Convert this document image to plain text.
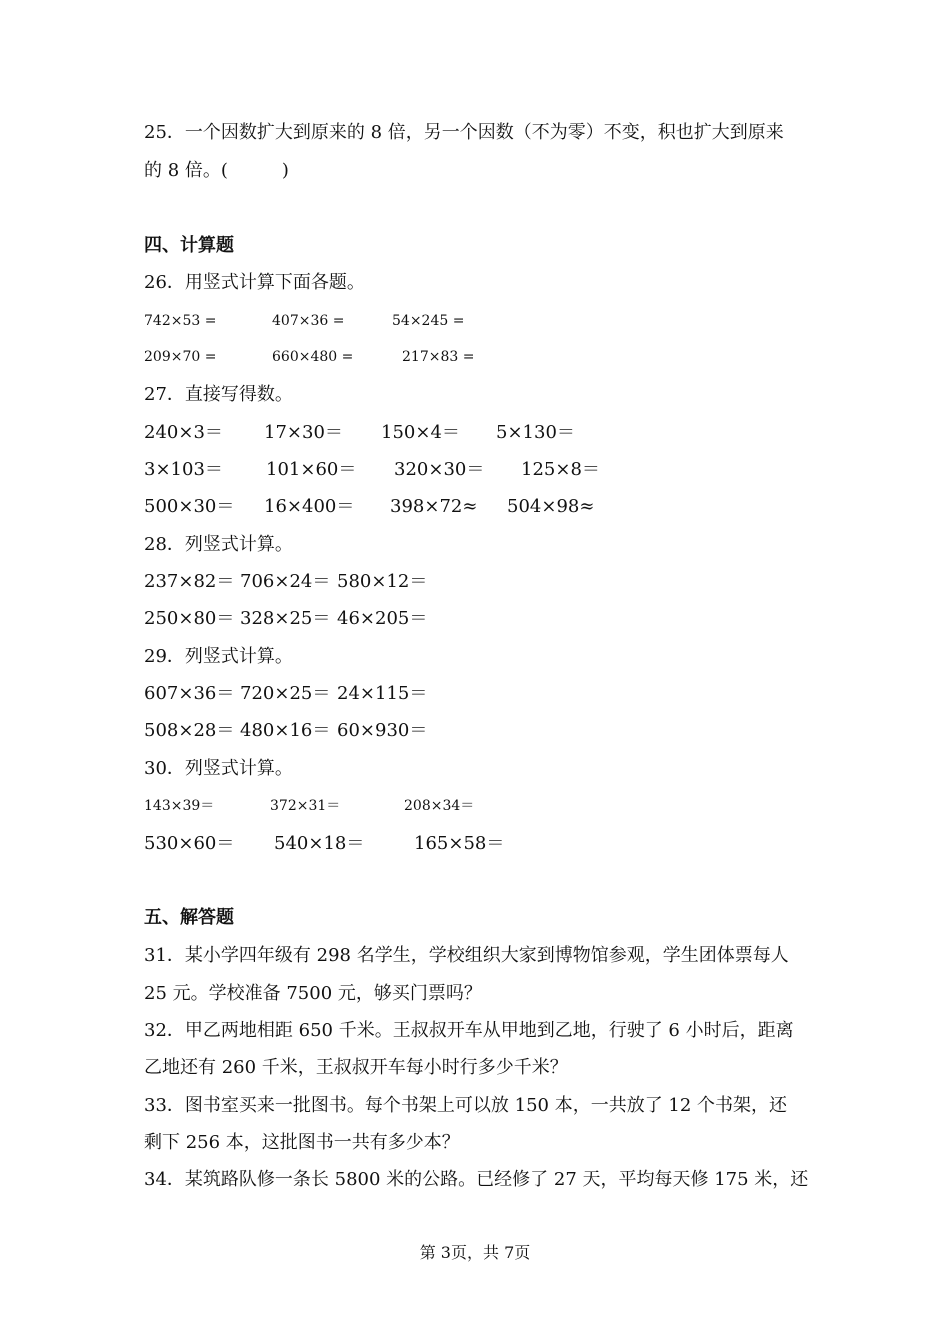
25．一个因数扩大到原来的 8 倍，另一个因数（不为零）不变，积也扩大到原来
的 8 倍。(　　　)
四、计算题
26．用竖式计算下面各题。
742×53 =	407×36 =	54×245 =
209×70 =	660×480 =	217×83 =
27．直接写得数。
240×3＝ 17×30＝ 150×4＝ 5×130＝
3×103＝ 101×60＝ 320×30＝ 125×8＝
500×30＝ 16×400＝ 398×72≈ 504×98≈
28．列竖式计算。
237×82＝ 706×24＝ 580×12＝
250×80＝ 328×25＝ 46×205＝
29．列竖式计算。
607×36＝ 720×25＝ 24×115＝
508×28＝ 480×16＝ 60×930＝
30．列竖式计算。
143×39＝	372×31＝	208×34＝
530×60＝ 540×18＝	165×58＝
五、解答题
31．某小学四年级有 298 名学生，学校组织大家到博物馆参观，学生团体票每人
25 元。学校准备 7500 元，够买门票吗？
32．甲乙两地相距 650 千米。王叔叔开车从甲地到乙地，行驶了 6 小时后，距离
乙地还有 260 千米，王叔叔开车每小时行多少千米？
33．图书室买来一批图书。每个书架上可以放 150 本，一共放了 12 个书架，还
剩下 256 本，这批图书一共有多少本？
34．某筑路队修一条长 5800 米的公路。已经修了 27 天，平均每天修 175 米，还
第 3页，共 7页
